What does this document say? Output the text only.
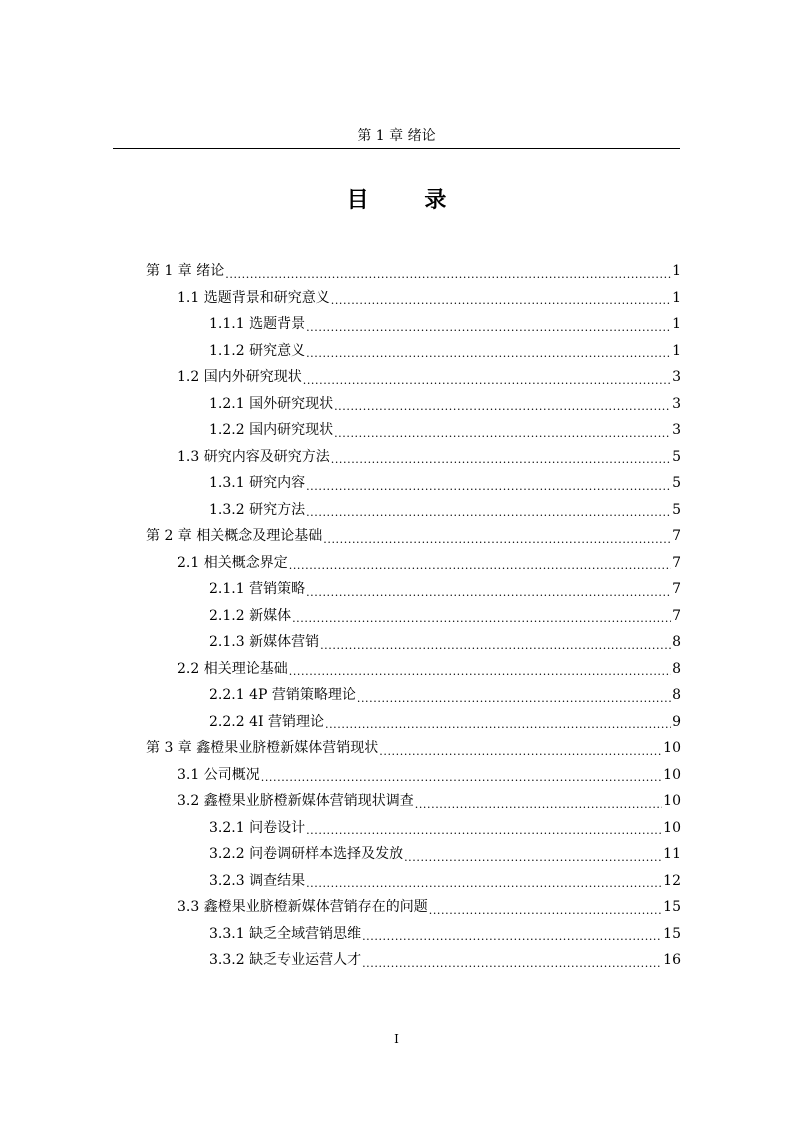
第 1 章 绪论
目 录
第 1 章 绪论 .....	1
1.1 选题背景和研究意义 .....	1
1.1.1 选题背景 .....	1
1.1.2 研究意义 .....	1
1.2 国内外研究现状 .....	3
1.2.1 国外研究现状 .....	3
1.2.2 国内研究现状 .....	3
1.3 研究内容及研究方法 .....	5
1.3.1 研究内容 .....	5
1.3.2 研究方法 .....	5
第 2 章 相关概念及理论基础 .....	7
2.1 相关概念界定 .....	7
2.1.1 营销策略 .....	7
2.1.2 新媒体 .....	7
2.1.3 新媒体营销 .....	8
2.2 相关理论基础 .....	8
2.2.1 4P 营销策略理论 .....	8
2.2.2 4I 营销理论 .....	9
第 3 章 鑫橙果业脐橙新媒体营销现状 .....	10
3.1 公司概况 .....	10
3.2 鑫橙果业脐橙新媒体营销现状调查 .....	10
3.2.1 问卷设计 .....	10
3.2.2 问卷调研样本选择及发放 .....	11
3.2.3 调查结果 .....	12
3.3 鑫橙果业脐橙新媒体营销存在的问题 .....	15
3.3.1 缺乏全域营销思维 .....	15
3.3.2 缺乏专业运营人才 .....	16
I
